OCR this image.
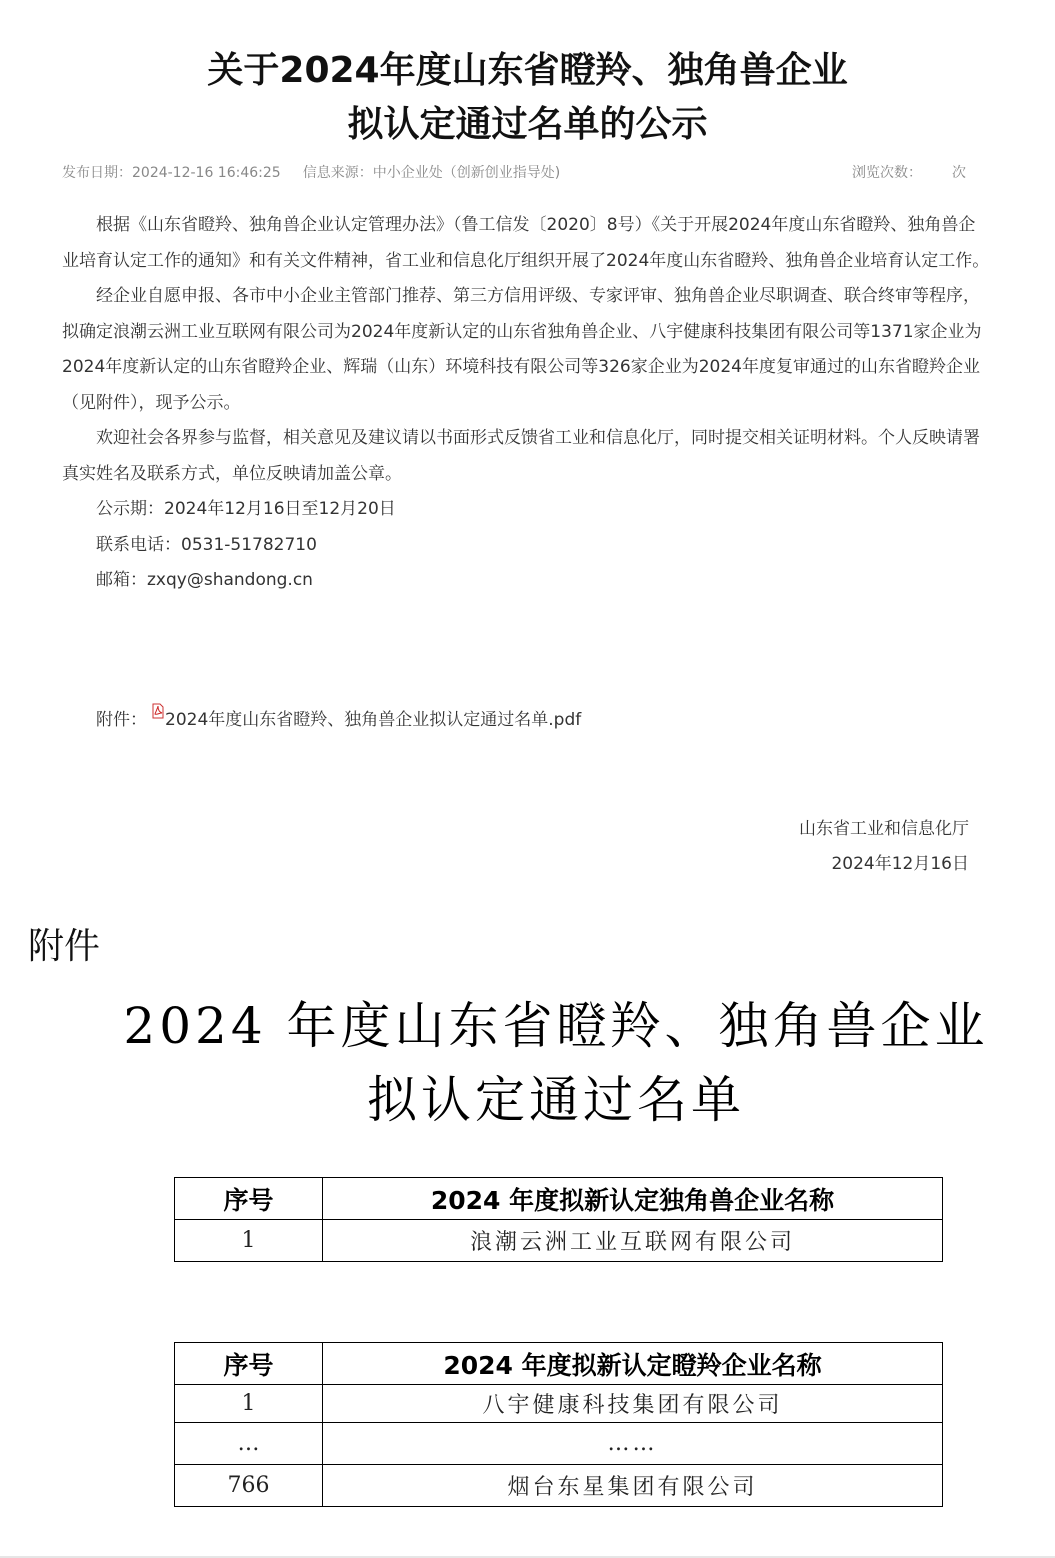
关于2024年度山东省瞪羚、独角兽企业
拟认定通过名单的公示
发布日期：2024-12-16 16:46:25 信息来源：中小企业处（创新创业指导处)	浏览次数： 次

根据《山东省瞪羚、独角兽企业认定管理办法》（鲁工信发〔2020〕8号）《关于开展2024年度山东省瞪羚、独角兽企业培育认定工作的通知》和有关文件精神，省工业和信息化厅组织开展了2024年度山东省瞪羚、独角兽企业培育认定工作。

经企业自愿申报、各市中小企业主管部门推荐、第三方信用评级、专家评审、独角兽企业尽职调查、联合终审等程序，拟确定浪潮云洲工业互联网有限公司为2024年度新认定的山东省独角兽企业、八宇健康科技集团有限公司等1371家企业为2024年度新认定的山东省瞪羚企业、辉瑞（山东）环境科技有限公司等326家企业为2024年度复审通过的山东省瞪羚企业（见附件），现予公示。

欢迎社会各界参与监督，相关意见及建议请以书面形式反馈省工业和信息化厅，同时提交相关证明材料。个人反映请署真实姓名及联系方式，单位反映请加盖公章。

公示期：2024年12月16日至12月20日

联系电话：0531-51782710

邮箱：zxqy@shandong.cn

附件： 2024年度山东省瞪羚、独角兽企业拟认定通过名单.pdf
山东省工业和信息化厅
2024年12月16日
附件
2024 年度山东省瞪羚、独角兽企业
拟认定通过名单
序号	2024 年度拟新认定独角兽企业名称
1	浪潮云洲工业互联网有限公司
序号	2024 年度拟新认定瞪羚企业名称
1	八宇健康科技集团有限公司
…	……
766	烟台东星集团有限公司
